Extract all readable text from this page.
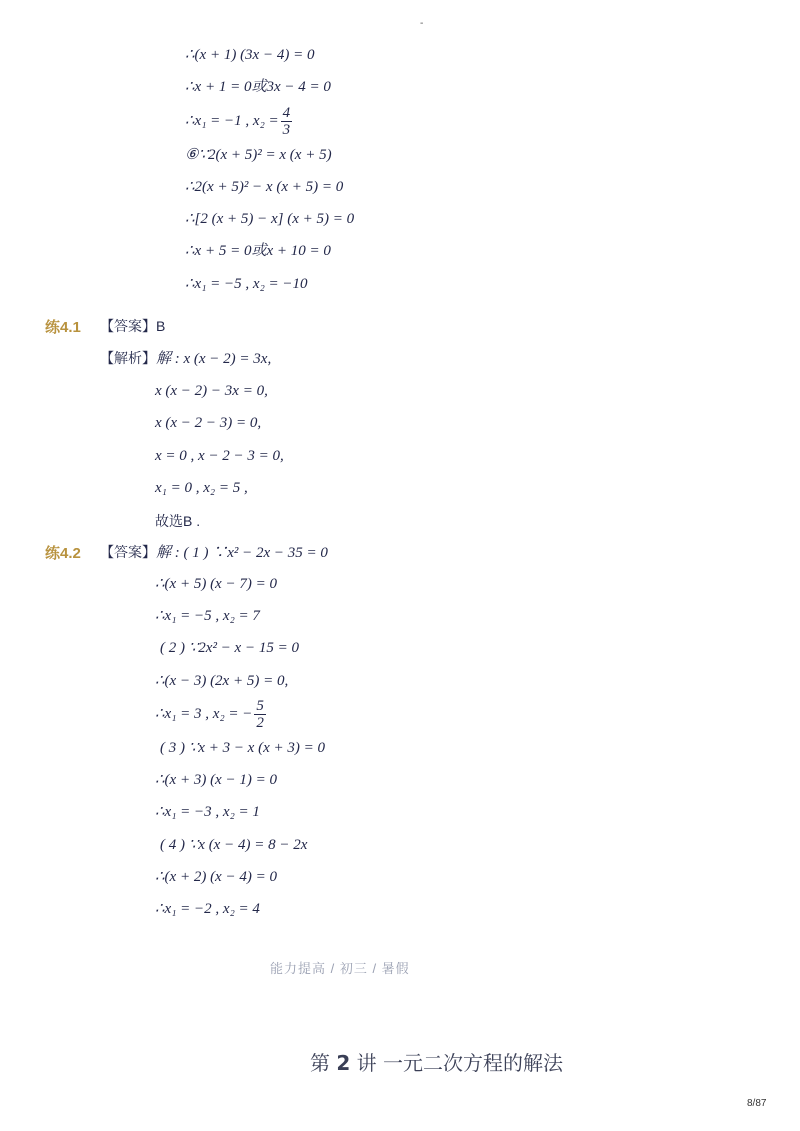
-
∴(x + 1) (3x − 4) = 0
∴x + 1 = 0或3x − 4 = 0
∴x₁ = −1 , $x_2 = \frac{4}{3}$
⑥∵2(x + 5)² = x (x + 5)
∴2(x + 5)² − x (x + 5) = 0
∴[2 (x + 5) − x] (x + 5) = 0
∴x + 5 = 0或x + 10 = 0
∴x₁ = −5 , x₂ = −10
练4.1 【答案】B
【解析】解 : x (x − 2) = 3x,
x (x − 2) − 3x = 0,
x (x − 2 − 3) = 0,
x = 0 , x − 2 − 3 = 0,
x₁ = 0 , x₂ = 5 ,
故选B .
练4.2 【答案】解 : ( 1 ) ∵x² − 2x − 35 = 0
∴(x + 5) (x − 7) = 0
∴x₁ = −5 , x₂ = 7
( 2 ) ∵2x² − x − 15 = 0
∴(x − 3) (2x + 5) = 0,
∴x₁ = 3 , x₂ = − $\frac{5}{2}$
( 3 ) ∵x + 3 − x (x + 3) = 0
∴(x + 3) (x − 1) = 0
∴x₁ = −3 , x₂ = 1
( 4 ) ∵x (x − 4) = 8 − 2x
∴(x + 2) (x − 4) = 0
∴x₁ = −2 , x₂ = 4
能力提高 / 初三 / 暑假
第 2 讲 一元二次方程的解法
8/87
